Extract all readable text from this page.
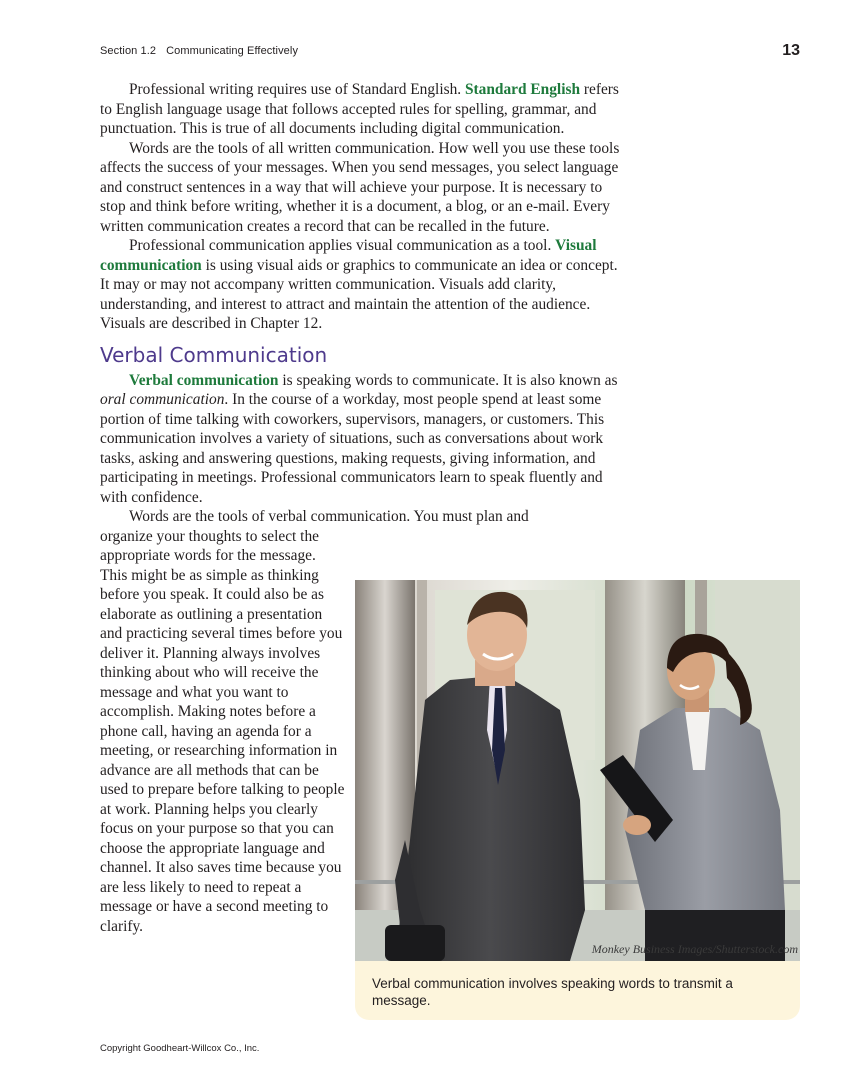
Section 1.2 Communicating Effectively	13

Professional writing requires use of Standard English. Standard English refers to English language usage that follows accepted rules for spelling, grammar, and punctuation. This is true of all documents including digital communication.

Words are the tools of all written communication. How well you use these tools affects the success of your messages. When you send messages, you select language and construct sentences in a way that will achieve your purpose. It is necessary to stop and think before writing, whether it is a document, a blog, or an e-mail. Every written communication creates a record that can be recalled in the future.

Professional communication applies visual communication as a tool. Visual communication is using visual aids or graphics to communicate an idea or concept. It may or may not accompany written communication. Visuals add clarity, understanding, and interest to attract and maintain the attention of the audience. Visuals are described in Chapter 12.

Verbal Communication

Verbal communication is speaking words to communicate. It is also known as oral communication. In the course of a workday, most people spend at least some portion of time talking with coworkers, supervisors, managers, or customers. This communication involves a variety of situations, such as conversations about work tasks, asking and answering questions, making requests, giving information, and participating in meetings. Professional communicators learn to speak fluently and with confidence.

Words are the tools of verbal communication. You must plan and

organize your thoughts to select the appropriate words for the message. This might be as simple as thinking before you speak. It could also be as elaborate as outlining a presentation and practicing several times before you deliver it. Planning always involves thinking about who will receive the message and what you want to accomplish. Making notes before a phone call, having an agenda for a meeting, or researching information in advance are all methods that can be used to prepare before talking to people at work. Planning helps you clearly focus on your purpose so that you can choose the appropriate language and channel. It also saves time because you are less likely to need to repeat a message or have a second meeting to clarify.

Monkey Business Images/Shutterstock.com
Verbal communication involves speaking words to transmit a message.
Copyright Goodheart-Willcox Co., Inc.
